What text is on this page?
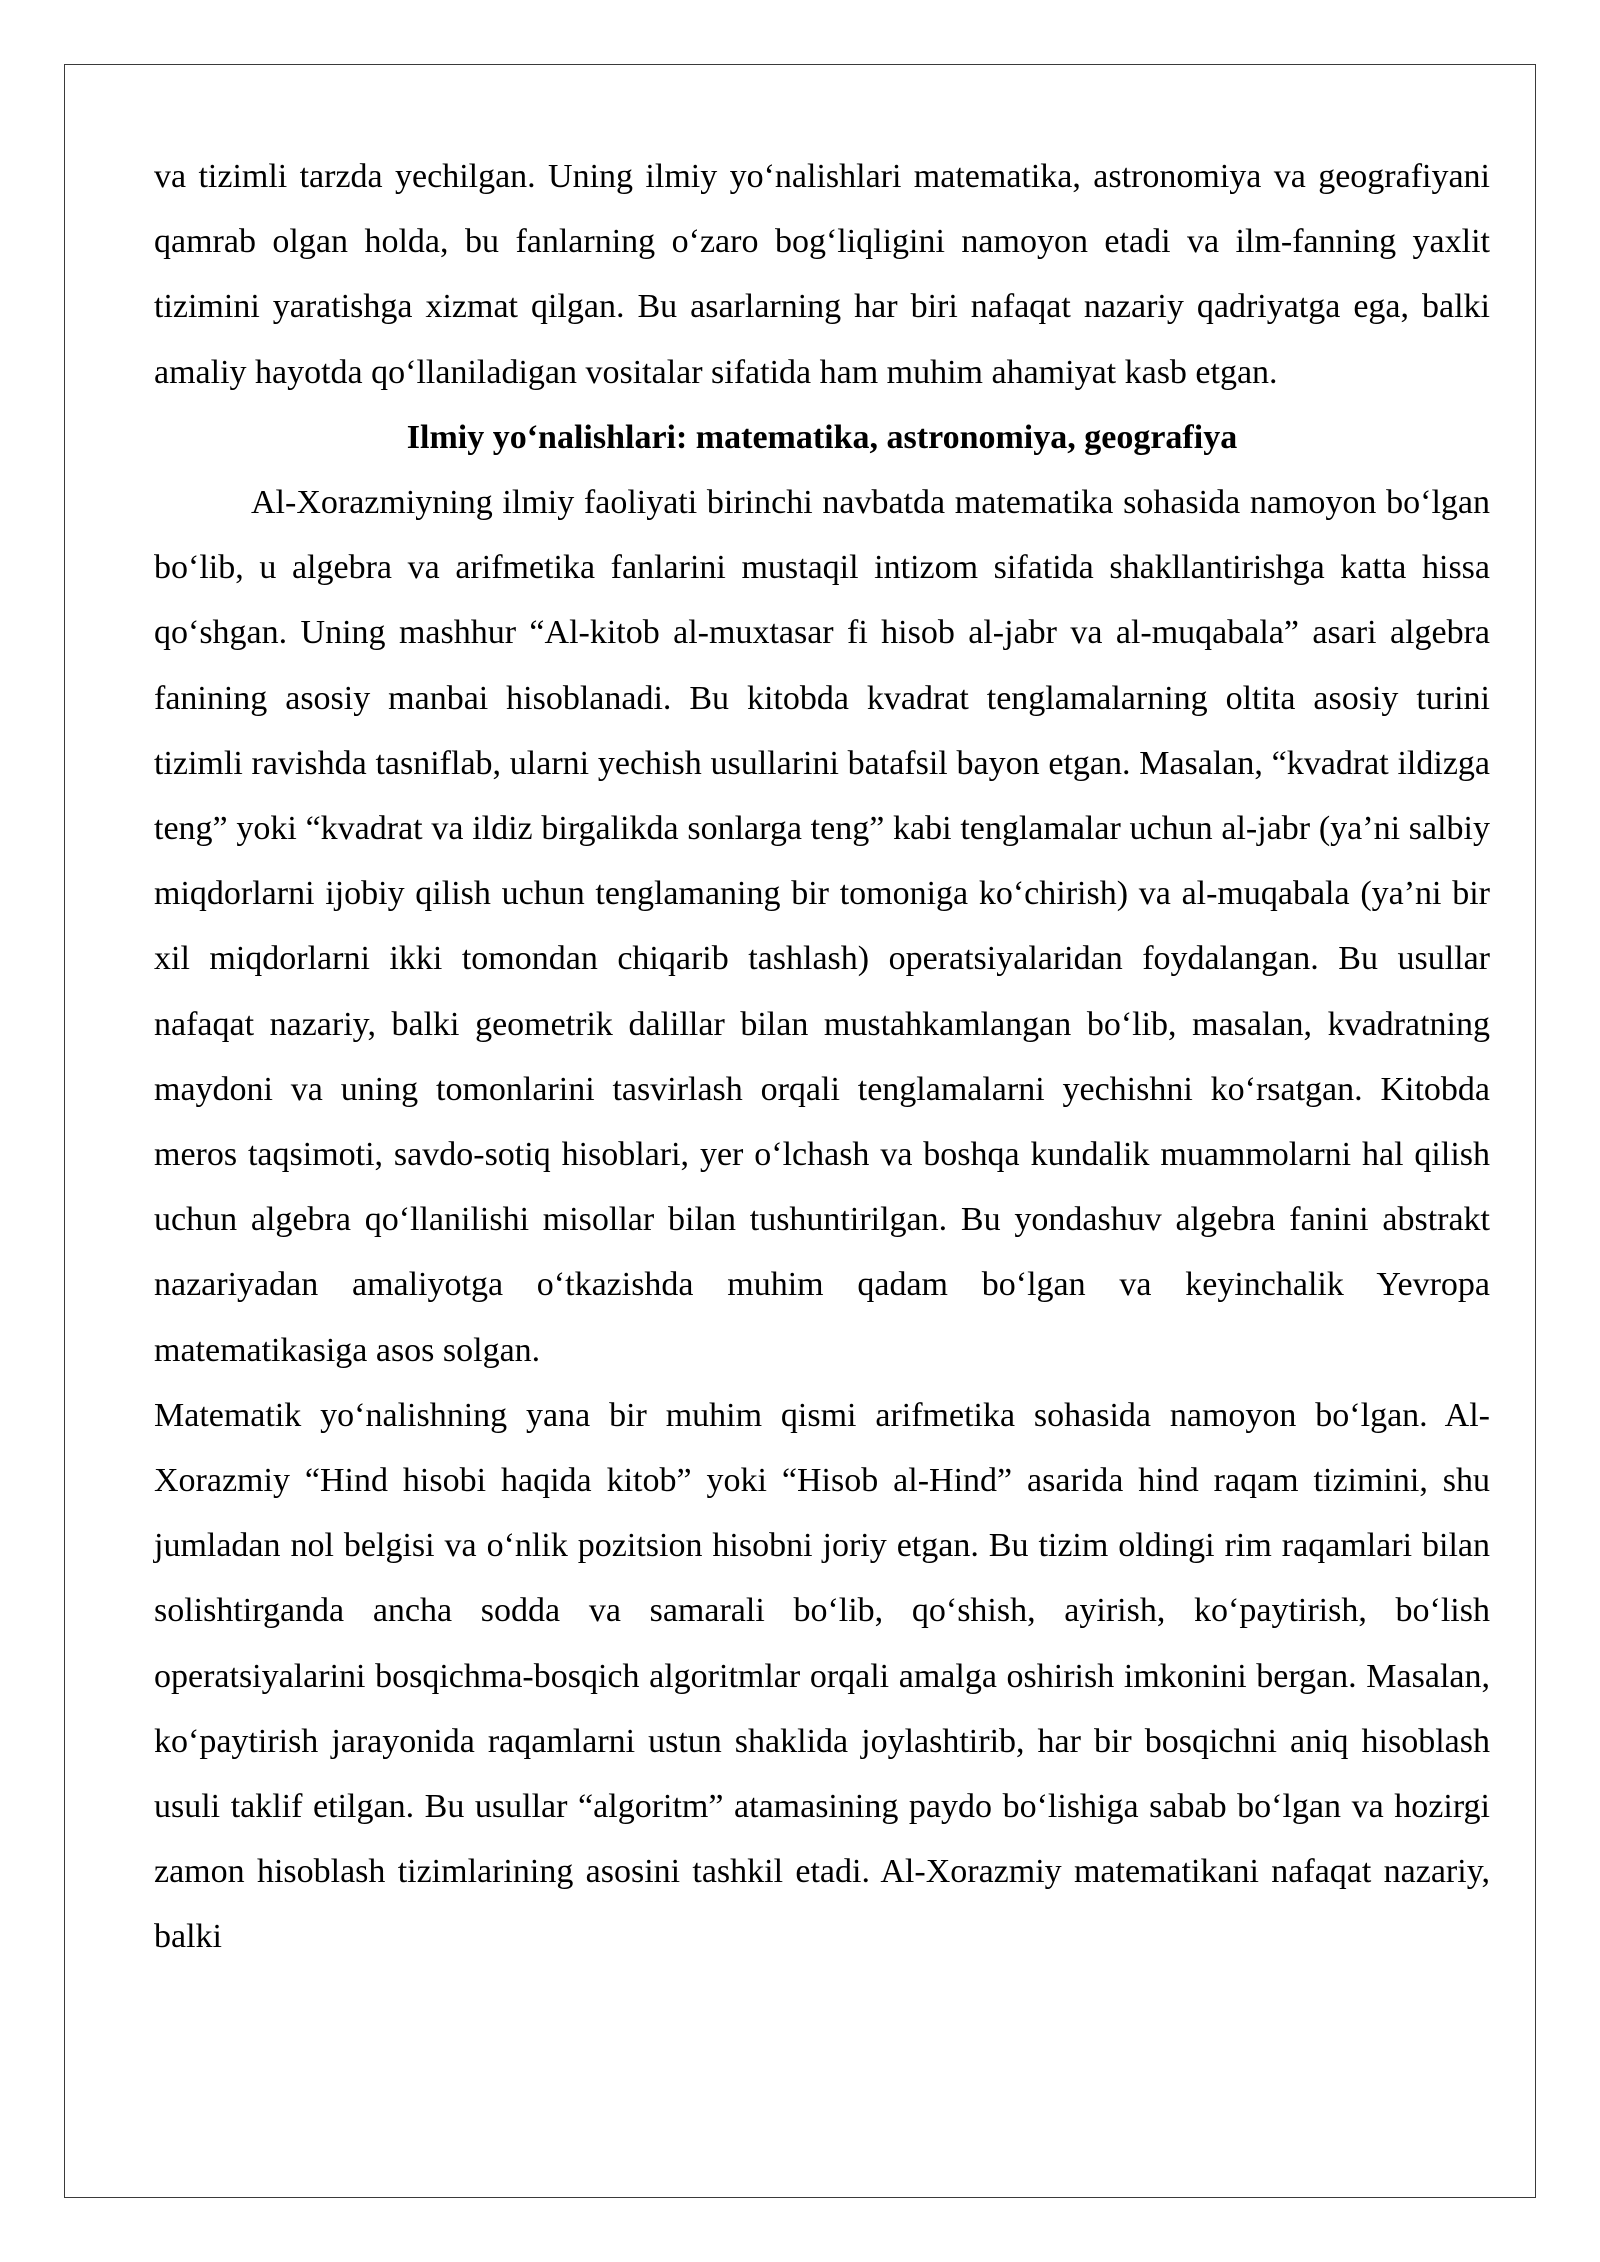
va tizimli tarzda yechilgan. Uning ilmiy yo‘nalishlari matematika, astronomiya va geografiyani qamrab olgan holda, bu fanlarning o‘zaro bog‘liqligini namoyon etadi va ilm-fanning yaxlit tizimini yaratishga xizmat qilgan. Bu asarlarning har biri nafaqat nazariy qadriyatga ega, balki amaliy hayotda qo‘llaniladigan vositalar sifatida ham muhim ahamiyat kasb etgan.

Ilmiy yo‘nalishlari: matematika, astronomiya, geografiya

Al-Xorazmiyning ilmiy faoliyati birinchi navbatda matematika sohasida namoyon bo‘lgan bo‘lib, u algebra va arifmetika fanlarini mustaqil intizom sifatida shakllantirishga katta hissa qo‘shgan. Uning mashhur “Al-kitob al-muxtasar fi hisob al-jabr va al-muqabala” asari algebra fanining asosiy manbai hisoblanadi. Bu kitobda kvadrat tenglamalarning oltita asosiy turini tizimli ravishda tasniflab, ularni yechish usullarini batafsil bayon etgan. Masalan, “kvadrat ildizga teng” yoki “kvadrat va ildiz birgalikda sonlarga teng” kabi tenglamalar uchun al-jabr (ya’ni salbiy miqdorlarni ijobiy qilish uchun tenglamaning bir tomoniga ko‘chirish) va al-muqabala (ya’ni bir xil miqdorlarni ikki tomondan chiqarib tashlash) operatsiyalaridan foydalangan. Bu usullar nafaqat nazariy, balki geometrik dalillar bilan mustahkamlangan bo‘lib, masalan, kvadratning maydoni va uning tomonlarini tasvirlash orqali tenglamalarni yechishni ko‘rsatgan. Kitobda meros taqsimoti, savdo-sotiq hisoblari, yer o‘lchash va boshqa kundalik muammolarni hal qilish uchun algebra qo‘llanilishi misollar bilan tushuntirilgan. Bu yondashuv algebra fanini abstrakt nazariyadan amaliyotga o‘tkazishda muhim qadam bo‘lgan va keyinchalik Yevropa matematikasiga asos solgan.

Matematik yo‘nalishning yana bir muhim qismi arifmetika sohasida namoyon bo‘lgan. Al-Xorazmiy “Hind hisobi haqida kitob” yoki “Hisob al-Hind” asarida hind raqam tizimini, shu jumladan nol belgisi va o‘nlik pozitsion hisobni joriy etgan. Bu tizim oldingi rim raqamlari bilan solishtirganda ancha sodda va samarali bo‘lib, qo‘shish, ayirish, ko‘paytirish, bo‘lish operatsiyalarini bosqichma-bosqich algoritmlar orqali amalga oshirish imkonini bergan. Masalan, ko‘paytirish jarayonida raqamlarni ustun shaklida joylashtirib, har bir bosqichni aniq hisoblash usuli taklif etilgan. Bu usullar “algoritm” atamasining paydo bo‘lishiga sabab bo‘lgan va hozirgi zamon hisoblash tizimlarining asosini tashkil etadi. Al-Xorazmiy matematikani nafaqat nazariy, balki
